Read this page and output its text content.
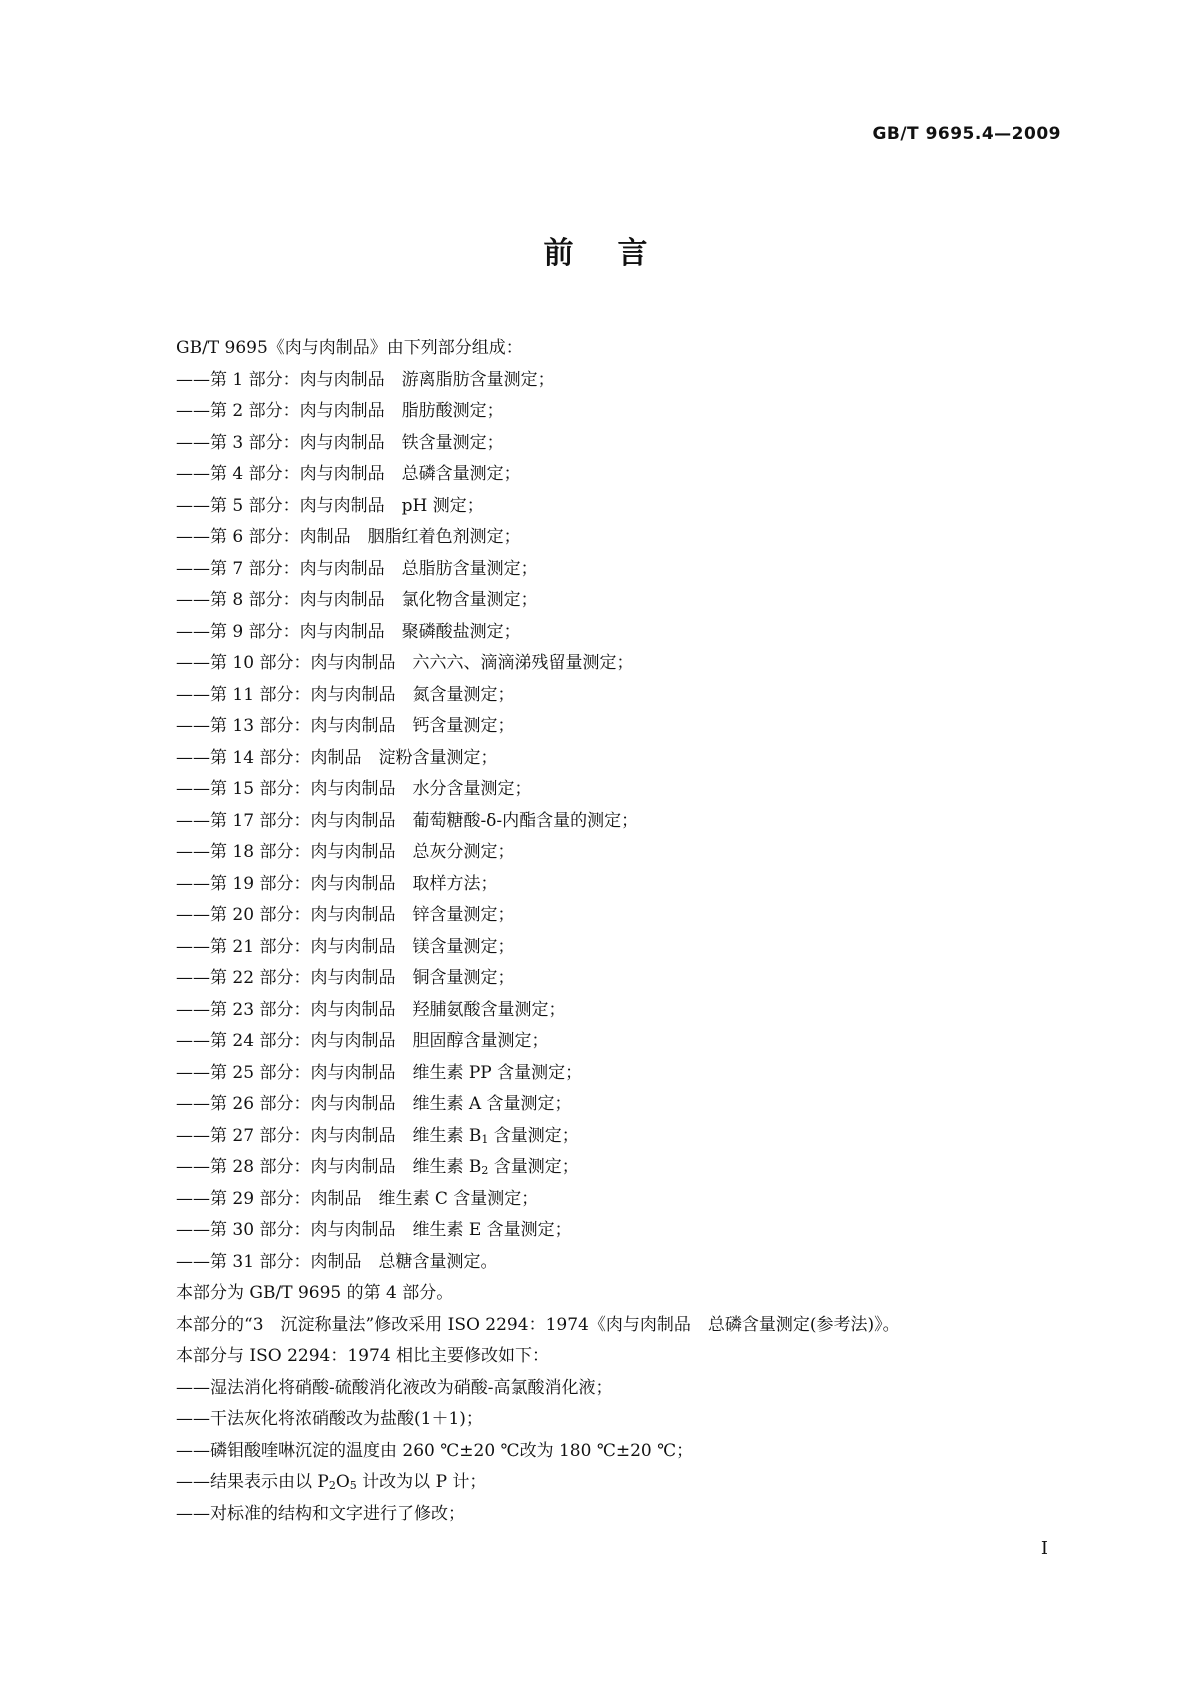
GB/T 9695.4—2009
前言
GB/T 9695《肉与肉制品》由下列部分组成：
——第 1 部分：肉与肉制品　游离脂肪含量测定；
——第 2 部分：肉与肉制品　脂肪酸测定；
——第 3 部分：肉与肉制品　铁含量测定；
——第 4 部分：肉与肉制品　总磷含量测定；
——第 5 部分：肉与肉制品　pH 测定；
——第 6 部分：肉制品　胭脂红着色剂测定；
——第 7 部分：肉与肉制品　总脂肪含量测定；
——第 8 部分：肉与肉制品　氯化物含量测定；
——第 9 部分：肉与肉制品　聚磷酸盐测定；
——第 10 部分：肉与肉制品　六六六、滴滴涕残留量测定；
——第 11 部分：肉与肉制品　氮含量测定；
——第 13 部分：肉与肉制品　钙含量测定；
——第 14 部分：肉制品　淀粉含量测定；
——第 15 部分：肉与肉制品　水分含量测定；
——第 17 部分：肉与肉制品　葡萄糖酸-δ-内酯含量的测定；
——第 18 部分：肉与肉制品　总灰分测定；
——第 19 部分：肉与肉制品　取样方法；
——第 20 部分：肉与肉制品　锌含量测定；
——第 21 部分：肉与肉制品　镁含量测定；
——第 22 部分：肉与肉制品　铜含量测定；
——第 23 部分：肉与肉制品　羟脯氨酸含量测定；
——第 24 部分：肉与肉制品　胆固醇含量测定；
——第 25 部分：肉与肉制品　维生素 PP 含量测定；
——第 26 部分：肉与肉制品　维生素 A 含量测定；
——第 27 部分：肉与肉制品　维生素 $B_1$ 含量测定；
——第 28 部分：肉与肉制品　维生素 $B_2$ 含量测定；
——第 29 部分：肉制品　维生素 C 含量测定；
——第 30 部分：肉与肉制品　维生素 E 含量测定；
——第 31 部分：肉制品　总糖含量测定。
本部分为 GB/T 9695 的第 4 部分。
本部分的“3　沉淀称量法”修改采用 ISO 2294：1974《肉与肉制品　总磷含量测定(参考法)》。
本部分与 ISO 2294：1974 相比主要修改如下：
——湿法消化将硝酸-硫酸消化液改为硝酸-高氯酸消化液；
——干法灰化将浓硝酸改为盐酸(1＋1)；
——磷钼酸喹啉沉淀的温度由 260 ℃±20 ℃改为 180 ℃±20 ℃；
——结果表示由以 $P_2O_5$ 计改为以 P 计；
——对标准的结构和文字进行了修改；
I
